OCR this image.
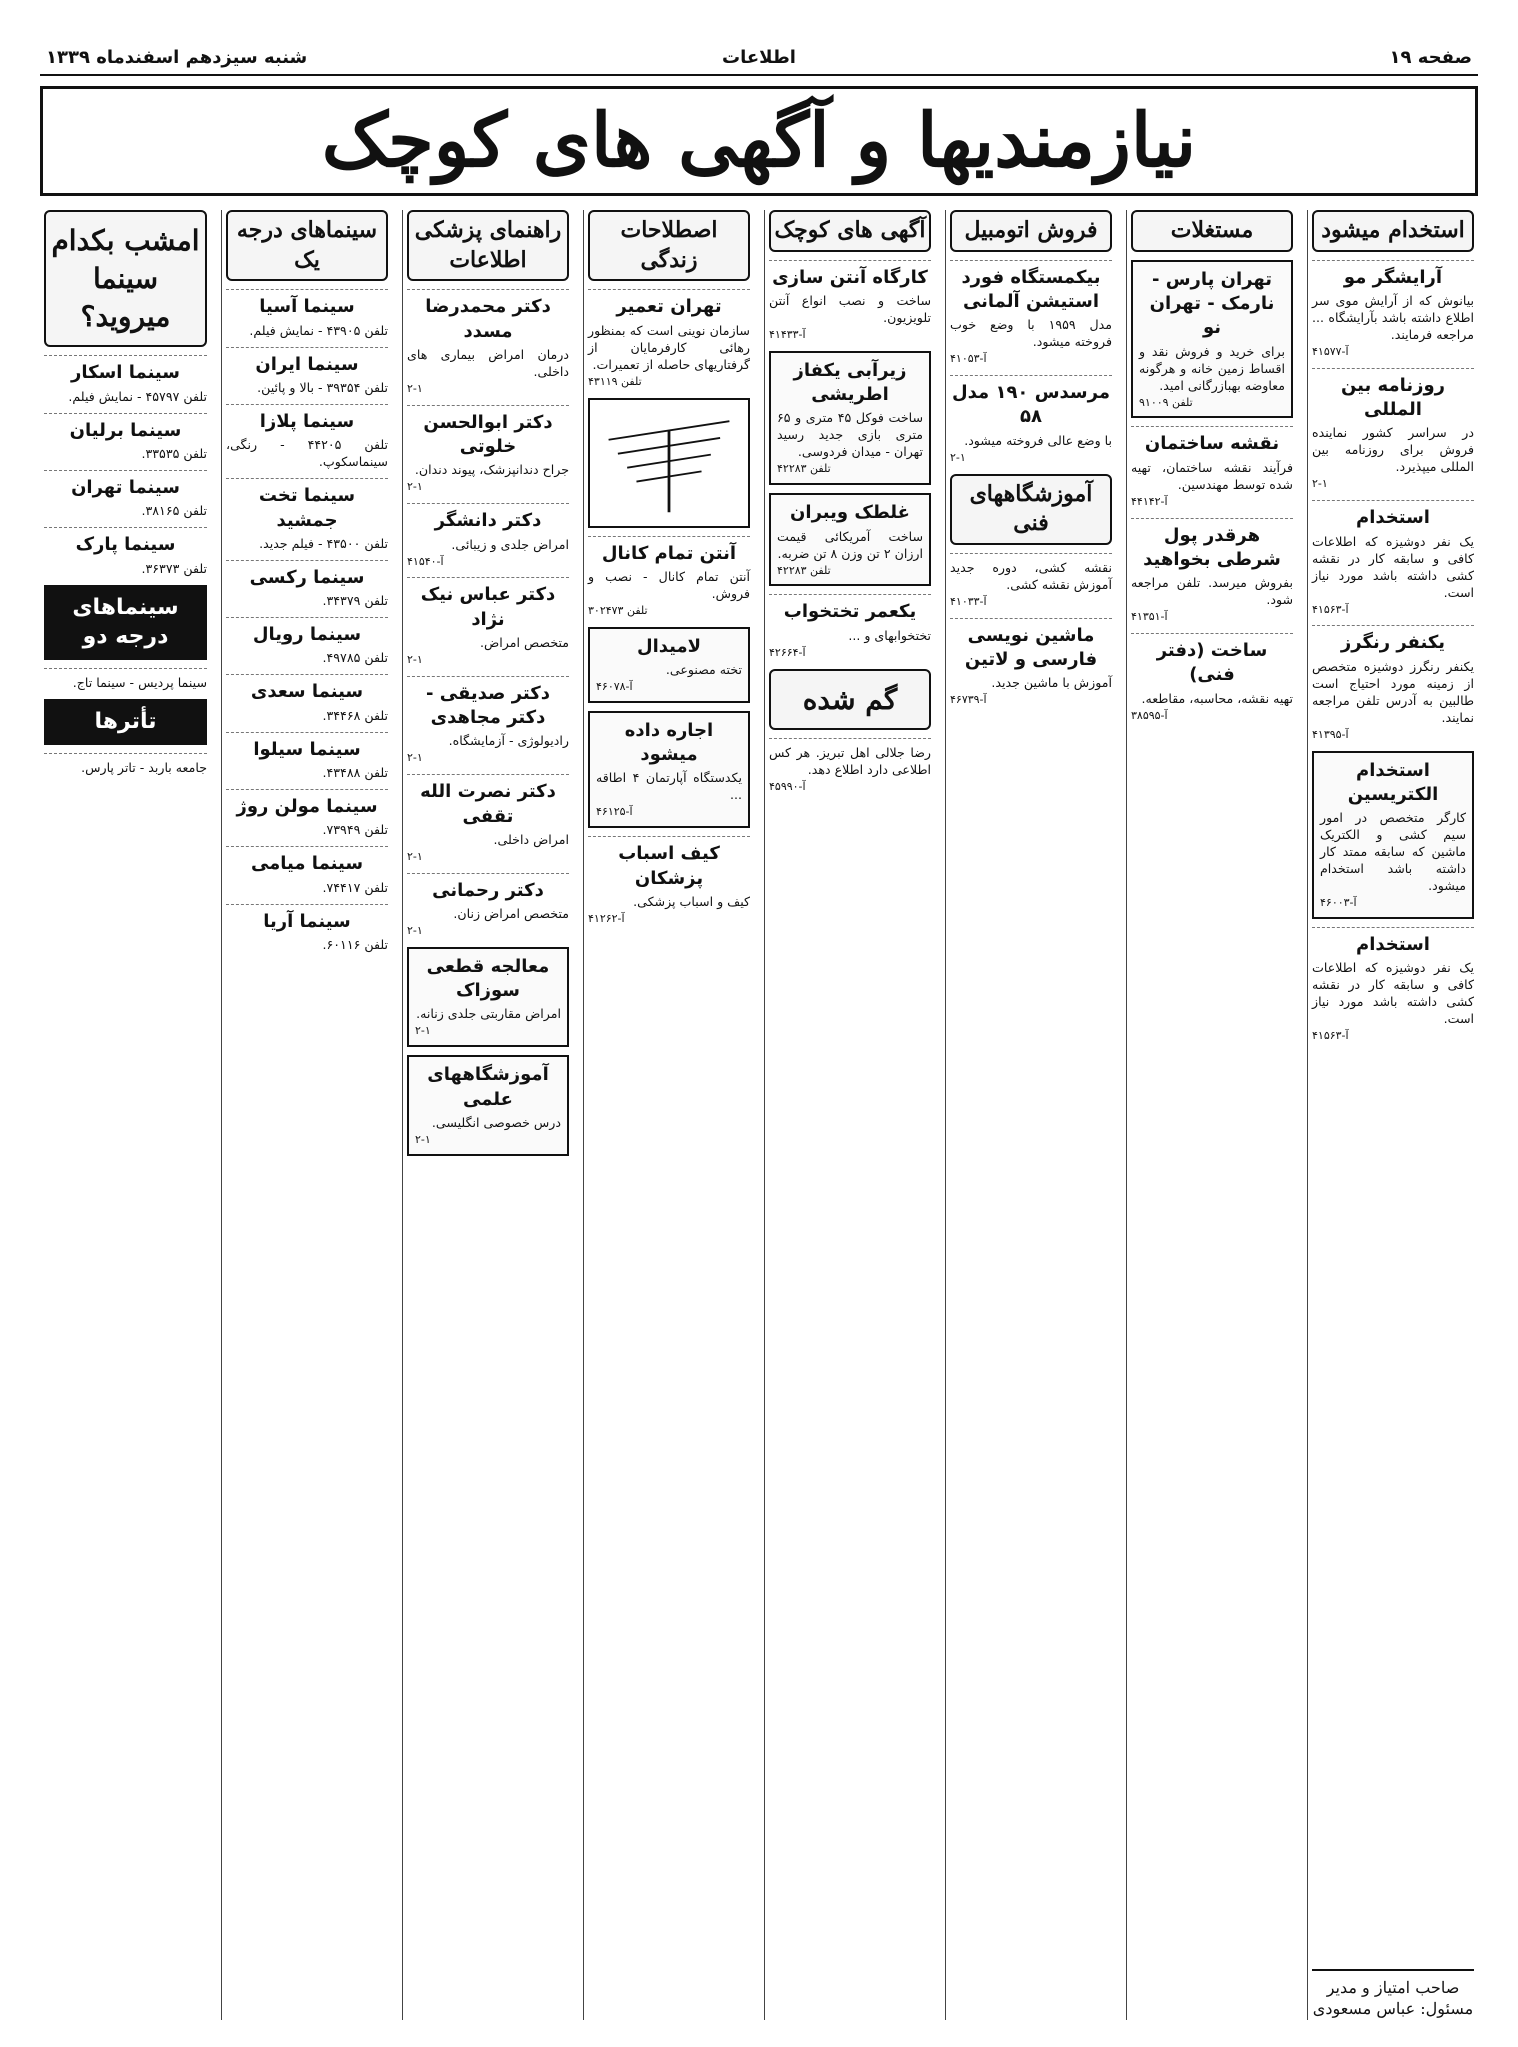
صفحه ۱۹
اطلاعات
شنبه سیزدهم اسفندماه ۱۳۳۹
نیازمندیها و آگهی های کوچک
استخدام میشود
آرایشگر مو
بیانوش که از آرایش موی سر اطلاع داشته باشد بآرایشگاه ... مراجعه فرمایند.
آ-۴۱۵۷۷
روزنامه بین المللی
در سراسر کشور نماینده فروش برای روزنامه بین المللی میپذیرد.
۲-۱
استخدام
یک نفر دوشیزه که اطلاعات کافی و سابقه کار در نقشه کشی داشته باشد مورد نیاز است.
آ-۴۱۵۶۳
یکنفر رنگرز
یکنفر رنگرز دوشیزه متخصص از زمینه مورد احتیاج است طالبین به آدرس تلفن مراجعه نمایند.
آ-۴۱۳۹۵
استخدام الکتریسین
کارگر متخصص در امور سیم کشی و الکتریک ماشین که سابقه ممتد کار داشته باشد استخدام میشود.
آ-۴۶۰۰۳
استخدام
یک نفر دوشیزه که اطلاعات کافی و سابقه کار در نقشه کشی داشته باشد مورد نیاز است.
آ-۴۱۵۶۳
صاحب امتیاز و مدیر مسئول: عباس مسعودی
مستغلات
تهران پارس - نارمک - تهران نو
برای خرید و فروش نقد و اقساط زمین خانه و هرگونه معاوضه بهبازرگانی امید.
تلفن ۹۱۰۰۹
نقشه ساختمان
فرآیند نقشه ساختمان، تهیه شده توسط مهندسین.
آ-۴۴۱۴۲
هرقدر پول شرطی بخواهید
بفروش میرسد. تلفن مراجعه شود.
آ-۴۱۳۵۱
ساخت (دفتر فنی)
تهیه نقشه، محاسبه، مقاطعه.
آ-۳۸۵۹۵
فروش اتومبیل
بیکمستگاه فورد استیشن آلمانی
مدل ۱۹۵۹ با وضع خوب فروخته میشود.
آ-۴۱۰۵۳
مرسدس ۱۹۰ مدل ۵۸
با وضع عالی فروخته میشود.
۲-۱
آموزشگاههای فنی
نقشه کشی، دوره جدید آموزش نقشه کشی.
آ-۴۱۰۳۳
ماشین نویسی فارسی و لاتین
آموزش با ماشین جدید.
آ-۴۶۷۳۹
آگهی های کوچک
کارگاه آنتن سازی
ساخت و نصب انواع آنتن تلویزیون.
آ-۴۱۴۳۳
زیرآبی یکفاز اطریشی
ساخت فوکل ۴۵ متری و ۶۵ متری بازی جدید رسید تهران - میدان فردوسی.
تلفن ۴۲۲۸۳
غلطک ویبران
ساخت آمریکائی قیمت ارزان ۲ تن وزن ۸ تن ضربه.
تلفن ۴۲۲۸۳
یکعمر تختخواب
تختخوابهای و ...
آ-۴۲۶۶۴
گم شده
رضا جلالی اهل تبریز. هر کس اطلاعی دارد اطلاع دهد.
آ-۴۵۹۹۰
اصطلاحات زندگی
تهران تعمیر
سازمان نوینی است که بمنظور رهائی کارفرمایان از گرفتاریهای حاصله از تعمیرات.
تلفن ۴۳۱۱۹
آنتن تمام کانال
آنتن تمام کانال - نصب و فروش.
تلفن ۳۰۲۴۷۳
لامیدال
تخته مصنوعی.
آ-۴۶۰۷۸
اجاره داده میشود
یکدستگاه آپارتمان ۴ اطاقه ...
آ-۴۶۱۲۵
کیف اسباب پزشکان
کیف و اسباب پزشکی.
آ-۴۱۲۶۲
راهنمای پزشکی اطلاعات
دکتر محمدرضا مسدد
درمان امراض بیماری های داخلی.
۲-۱
دکتر ابوالحسن خلوتی
جراح دندانپزشک، پیوند دندان.
۲-۱
دکتر دانشگر
امراض جلدی و زیبائی.
آ-۴۱۵۴۰
دکتر عباس نیک نژاد
متخصص امراض.
۲-۱
دکتر صدیقی - دکتر مجاهدی
رادیولوژی - آزمایشگاه.
۲-۱
دکتر نصرت الله تقفی
امراض داخلی.
۲-۱
دکتر رحمانی
متخصص امراض زنان.
۲-۱
معالجه قطعی سوزاک
امراض مقاربتی جلدی زنانه.
۲-۱
آموزشگاههای علمی
درس خصوصی انگلیسی.
۲-۱
سینماهای درجه یک
سینما آسیا
تلفن ۴۳۹۰۵ - نمایش فیلم.
سینما ایران
تلفن ۳۹۳۵۴ - بالا و پائین.
سینما پلازا
تلفن ۴۴۲۰۵ - رنگی، سینماسکوپ.
سینما تخت جمشید
تلفن ۴۳۵۰۰ - فیلم جدید.
سینما رکسی
تلفن ۳۴۳۷۹.
سینما رویال
تلفن ۴۹۷۸۵.
سینما سعدی
تلفن ۳۴۴۶۸.
سینما سیلوا
تلفن ۴۳۴۸۸.
سینما مولن روژ
تلفن ۷۳۹۴۹.
سینما میامی
تلفن ۷۴۴۱۷.
سینما آریا
تلفن ۶۰۱۱۶.
امشب بکدام سینما میروید؟
سینما اسکار
تلفن ۴۵۷۹۷ - نمایش فیلم.
سینما برلیان
تلفن ۳۳۵۳۵.
سینما تهران
تلفن ۳۸۱۶۵.
سینما پارک
تلفن ۳۶۳۷۳.
سینماهای درجه دو
سینما پردیس - سینما تاج.
تأترها
جامعه باربد - تاتر پارس.
